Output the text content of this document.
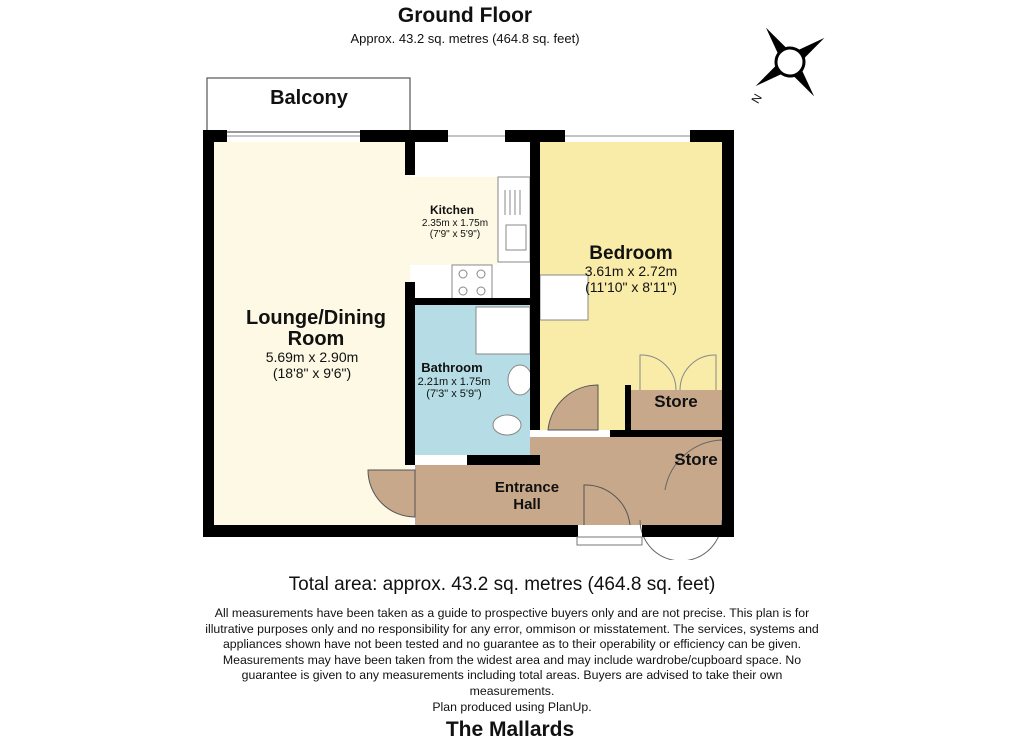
Ground Floor
Approx. 43.2 sq. metres (464.8 sq. feet)
N
Balcony
Lounge/Dining
Room
5.69m x 2.90m
(18'8" x 9'6")
Kitchen
2.35m x 1.75m
(7'9" x 5'9")
Bedroom
3.61m x 2.72m
(11'10" x 8'11")
Bathroom
2.21m x 1.75m
(7'3" x 5'9")	Store
Store
Entrance
Hall
Total area: approx. 43.2 sq. metres (464.8 sq. feet)
All measurements have been taken as a guide to prospective buyers only and are not precise. This plan is for
illutrative purposes only and no responsibility for any error, ommison or misstatement. The services, systems and
appliances shown have not been tested and no guarantee as to their operability or efficiency can be given.
Measurements may have been taken from the widest area and may include wardrobe/cupboard space. No
guarantee is given to any measurements including total areas. Buyers are advised to take their own
measurements.
Plan produced using PlanUp.
The Mallards
